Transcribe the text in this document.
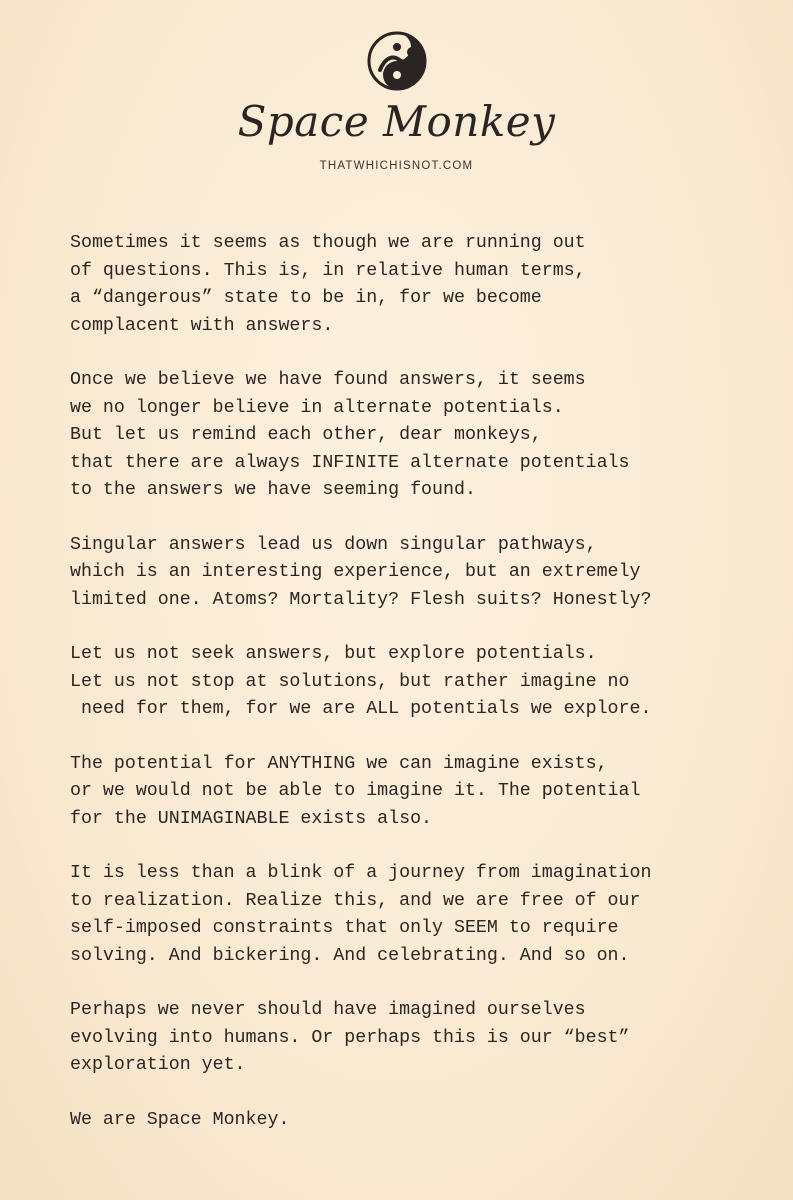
Space Monkey
THATWHICHISNOT.COM
Sometimes it seems as though we are running out
of questions. This is, in relative human terms,
a “dangerous” state to be in, for we become
complacent with answers.
Once we believe we have found answers, it seems
we no longer believe in alternate potentials.
But let us remind each other, dear monkeys,
that there are always INFINITE alternate potentials
to the answers we have seeming found.
Singular answers lead us down singular pathways,
which is an interesting experience, but an extremely
limited one. Atoms? Mortality? Flesh suits? Honestly?
Let us not seek answers, but explore potentials.
Let us not stop at solutions, but rather imagine no
need for them, for we are ALL potentials we explore.
The potential for ANYTHING we can imagine exists,
or we would not be able to imagine it. The potential
for the UNIMAGINABLE exists also.
It is less than a blink of a journey from imagination
to realization. Realize this, and we are free of our
self-imposed constraints that only SEEM to require
solving. And bickering. And celebrating. And so on.
Perhaps we never should have imagined ourselves
evolving into humans. Or perhaps this is our “best”
exploration yet.
We are Space Monkey.
